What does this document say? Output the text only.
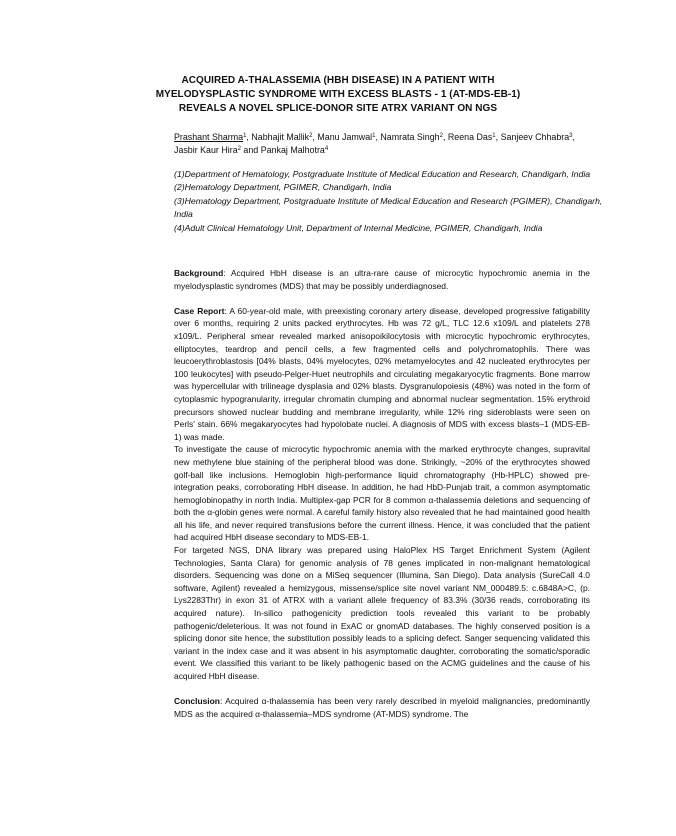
ACQUIRED A-THALASSEMIA (HBH DISEASE) IN A PATIENT WITH MYELODYSPLASTIC SYNDROME WITH EXCESS BLASTS - 1 (AT-MDS-EB-1) REVEALS A NOVEL SPLICE-DONOR SITE ATRX VARIANT ON NGS
Prashant Sharma$^1$, Nabhajit Mallik$^2$, Manu Jamwal$^1$, Namrata Singh$^2$, Reena Das$^1$, Sanjeev Chhabra$^3$,
Jasbir Kaur Hira$^2$ and Pankaj Malhotra$^4$
(1)Department of Hematology, Postgraduate Institute of Medical Education and Research, Chandigarh, India
(2)Hematology Department, PGIMER, Chandigarh, India
(3)Hematology Department, Postgraduate Institute of Medical Education and Research (PGIMER), Chandigarh, India
(4)Adult Clinical Hematology Unit, Department of Internal Medicine, PGIMER, Chandigarh, India

Background: Acquired HbH disease is an ultra-rare cause of microcytic hypochromic anemia in the myelodysplastic syndromes (MDS) that may be possibly underdiagnosed.

Case Report: A 60-year-old male, with preexisting coronary artery disease, developed progressive fatigability over 6 months, requiring 2 units packed erythrocytes. Hb was 72 g/L, TLC 12.6 x109/L and platelets 278 x109/L. Peripheral smear revealed marked anisopoikilocytosis with microcytic hypochromic erythrocytes, elliptocytes, teardrop and pencil cells, a few fragmented cells and polychromatophils. There was leucoerythroblastosis [04% blasts, 04% myelocytes, 02% metamyelocytes and 42 nucleated erythrocytes per 100 leukocytes] with pseudo-Pelger-Huet neutrophils and circulating megakaryocytic fragments. Bone marrow was hypercellular with trilineage dysplasia and 02% blasts. Dysgranulopoiesis (48%) was noted in the form of cytoplasmic hypogranularity, irregular chromatin clumping and abnormal nuclear segmentation. 15% erythroid precursors showed nuclear budding and membrane irregularity, while 12% ring sideroblasts were seen on Perls' stain. 66% megakaryocytes had hypolobate nuclei. A diagnosis of MDS with excess blasts–1 (MDS-EB-1) was made.

To investigate the cause of microcytic hypochromic anemia with the marked erythrocyte changes, supravital new methylene blue staining of the peripheral blood was done. Strikingly, ~20% of the erythrocytes showed golf-ball like inclusions. Hemoglobin high-performance liquid chromatography (Hb-HPLC) showed pre-integration peaks, corroborating HbH disease. In addition, he had HbD-Punjab trait, a common asymptomatic hemoglobinopathy in north India. Multiplex-gap PCR for 8 common α-thalassemia deletions and sequencing of both the α-globin genes were normal. A careful family history also revealed that he had maintained good health all his life, and never required transfusions before the current illness. Hence, it was concluded that the patient had acquired HbH disease secondary to MDS-EB-1.

For targeted NGS, DNA library was prepared using HaloPlex HS Target Enrichment System (Agilent Technologies, Santa Clara) for genomic analysis of 78 genes implicated in non-malignant hematological disorders. Sequencing was done on a MiSeq sequencer (Illumina, San Diego). Data analysis (SureCall 4.0 software, Agilent) revealed a hemizygous, missense/splice site novel variant NM_000489.5: c.6848A>C, (p. Lys2283Thr) in exon 31 of ATRX with a variant allele frequency of 83.3% (30/36 reads, corroborating its acquired nature). In-silico pathogenicity prediction tools revealed this variant to be probably pathogenic/deleterious. It was not found in ExAC or gnomAD databases. The highly conserved position is a splicing donor site hence, the substitution possibly leads to a splicing defect. Sanger sequencing validated this variant in the index case and it was absent in his asymptomatic daughter, corroborating the somatic/sporadic event. We classified this variant to be likely pathogenic based on the ACMG guidelines and the cause of his acquired HbH disease.

Conclusion: Acquired α-thalassemia has been very rarely described in myeloid malignancies, predominantly MDS as the acquired α-thalassemia–MDS syndrome (AT-MDS) syndrome. The
